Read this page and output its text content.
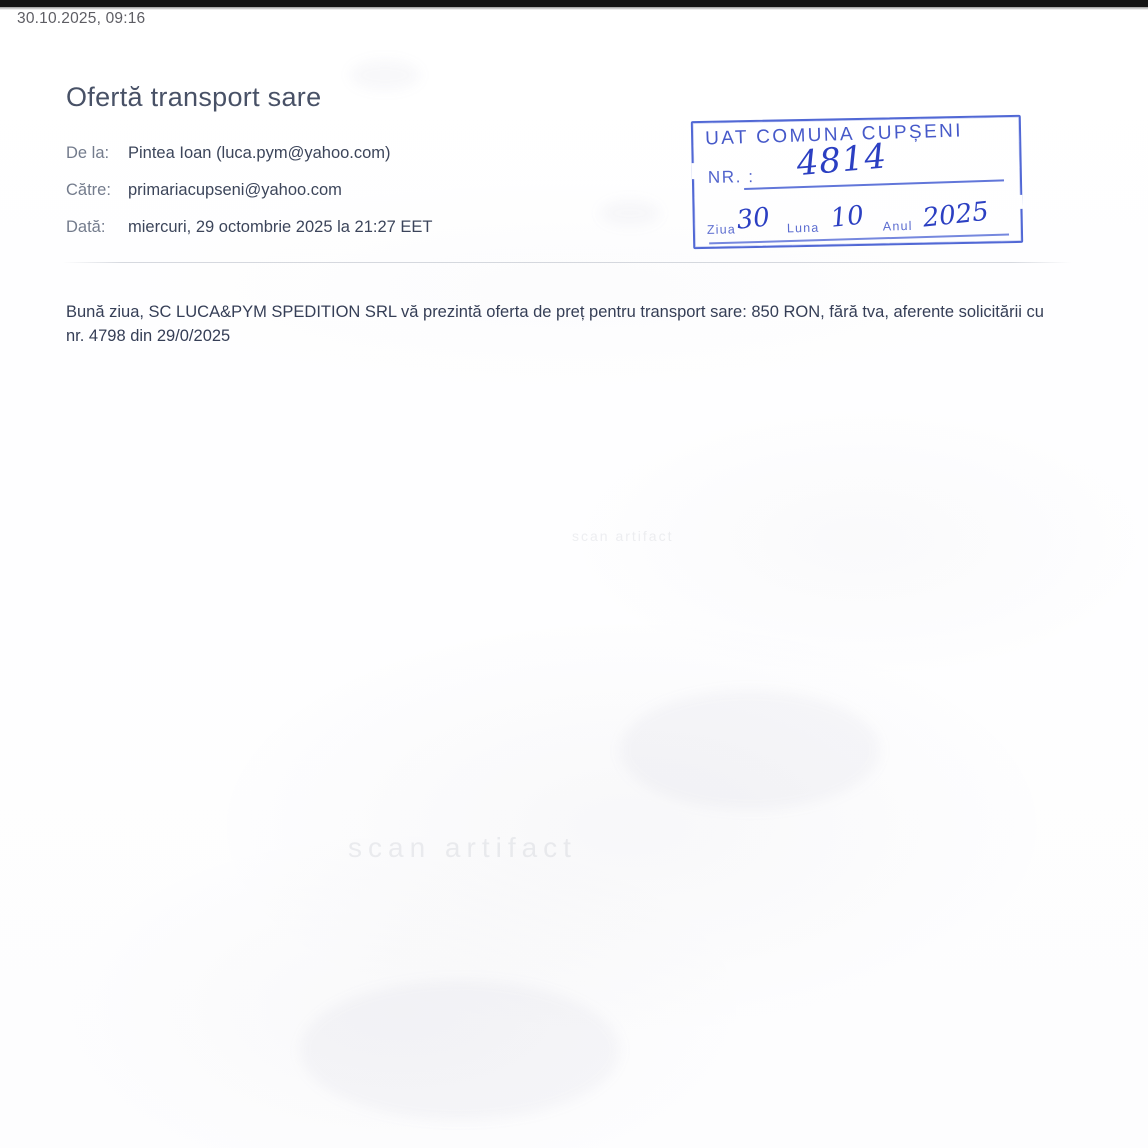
30.10.2025, 09:16
Ofertă transport sare
De la:	Pintea Ioan (luca.pym@yahoo.com)
Către:	primariacupseni@yahoo.com
Dată:	miercuri, 29 octombrie 2025 la 21:27 EET
Bună ziua, SC LUCA&PYM SPEDITION SRL vă prezintă oferta de preț pentru transport sare: 850 RON, fără tva, aferente solicitării cu nr. 4798 din 29/0/2025
UAT COMUNA CUPȘENI
NR. : 4814
Ziua 30 Luna 10 Anul 2025
scan artifact
scan artifact
